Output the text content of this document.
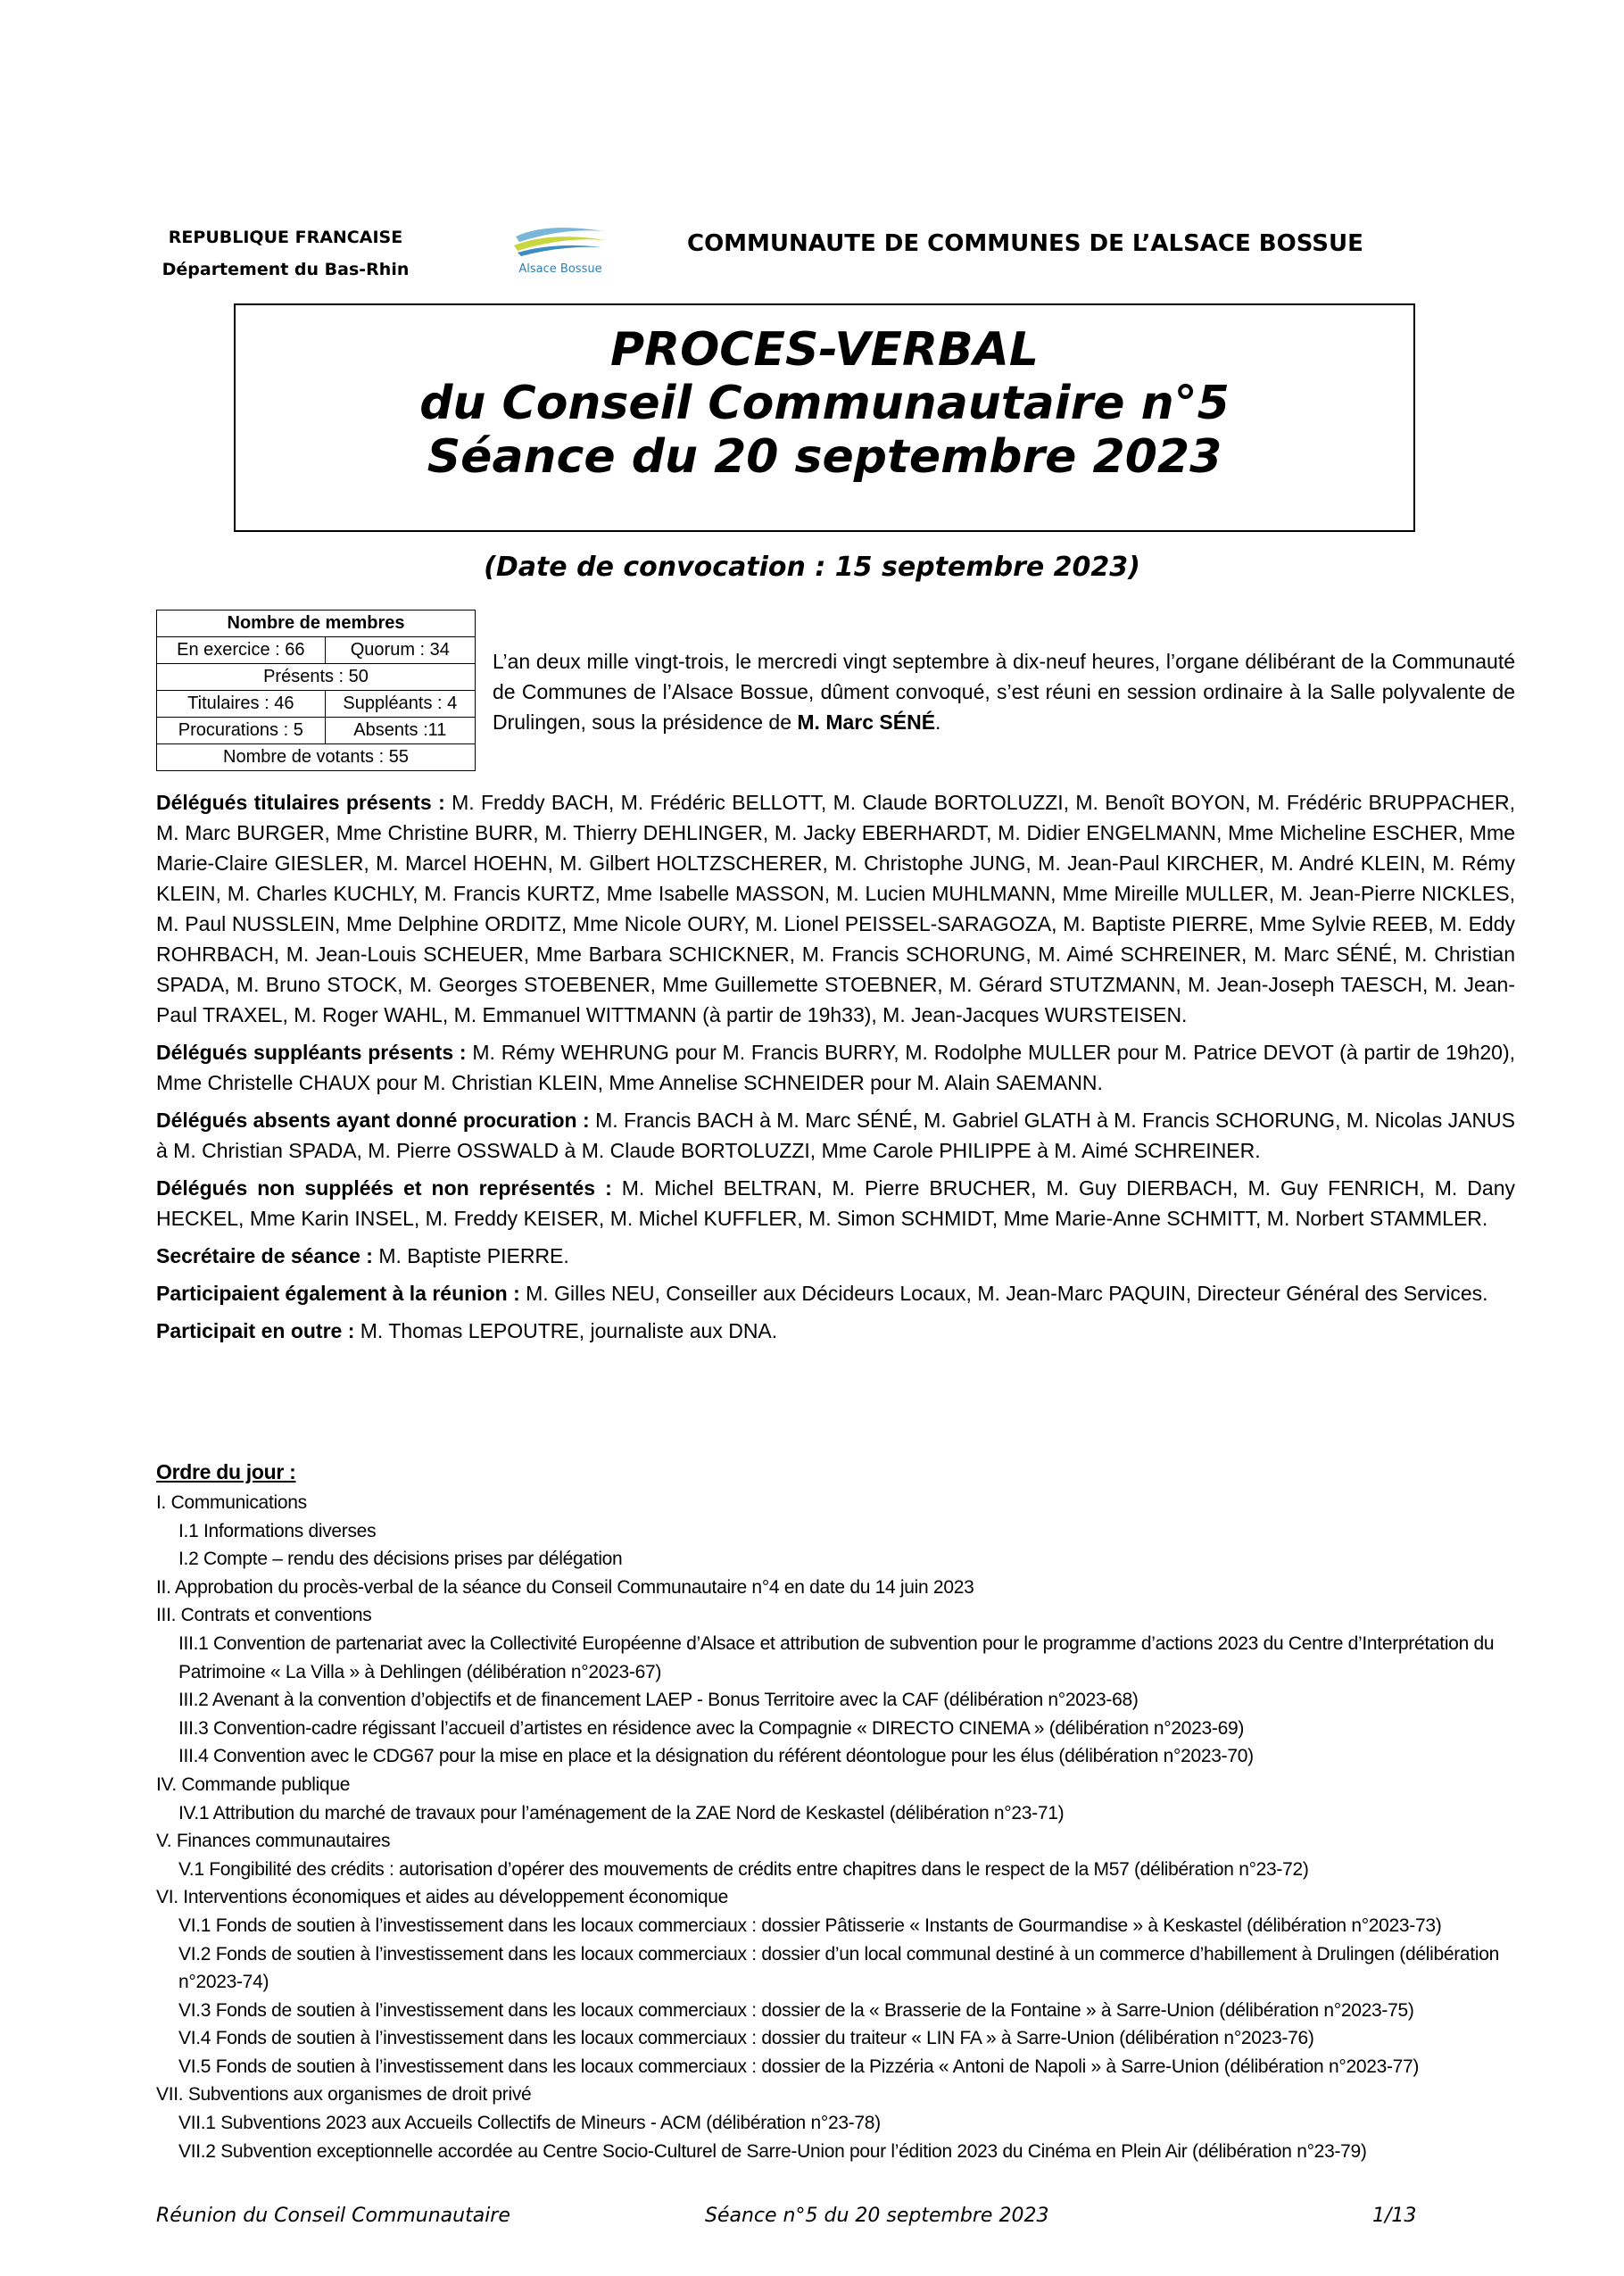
REPUBLIQUE FRANCAISE
Département du Bas-Rhin	Alsace Bossue
COMMUNAUTE DE COMMUNES DE L’ALSACE BOSSUE
PROCES-VERBAL
du Conseil Communautaire n°5
Séance du 20 septembre 2023
(Date de convocation : 15 septembre 2023)
Nombre de membres	
En exercice : 66	Quorum : 34
Présents : 50	
Titulaires : 46	Suppléants : 4
Procurations : 5	Absents :11
Nombre de votants : 55	
L’an deux mille vingt-trois, le mercredi vingt septembre à dix-neuf heures, l’organe délibérant de la Communauté de Communes de l’Alsace Bossue, dûment convoqué, s’est réuni en session ordinaire à la Salle polyvalente de Drulingen, sous la présidence de M. Marc SÉNÉ.

Délégués titulaires présents : M. Freddy BACH, M. Frédéric BELLOTT, M. Claude BORTOLUZZI, M. Benoît BOYON, M. Frédéric BRUPPACHER, M. Marc BURGER, Mme Christine BURR, M. Thierry DEHLINGER, M. Jacky EBERHARDT, M. Didier ENGELMANN, Mme Micheline ESCHER, Mme Marie-Claire GIESLER, M. Marcel HOEHN, M. Gilbert HOLTZSCHERER, M. Christophe JUNG, M. Jean-Paul KIRCHER, M. André KLEIN, M. Rémy KLEIN, M. Charles KUCHLY, M. Francis KURTZ, Mme Isabelle MASSON, M. Lucien MUHLMANN, Mme Mireille MULLER, M. Jean-Pierre NICKLES, M. Paul NUSSLEIN, Mme Delphine ORDITZ, Mme Nicole OURY, M. Lionel PEISSEL-SARAGOZA, M. Baptiste PIERRE, Mme Sylvie REEB, M. Eddy ROHRBACH, M. Jean-Louis SCHEUER, Mme Barbara SCHICKNER, M. Francis SCHORUNG, M. Aimé SCHREINER, M. Marc SÉNÉ, M. Christian SPADA, M. Bruno STOCK, M. Georges STOEBENER, Mme Guillemette STOEBNER, M. Gérard STUTZMANN, M. Jean-Joseph TAESCH, M. Jean-Paul TRAXEL, M. Roger WAHL, M. Emmanuel WITTMANN (à partir de 19h33), M. Jean-Jacques WURSTEISEN.

Délégués suppléants présents : M. Rémy WEHRUNG pour M. Francis BURRY, M. Rodolphe MULLER pour M. Patrice DEVOT (à partir de 19h20), Mme Christelle CHAUX pour M. Christian KLEIN, Mme Annelise SCHNEIDER pour M. Alain SAEMANN.

Délégués absents ayant donné procuration : M. Francis BACH à M. Marc SÉNÉ, M. Gabriel GLATH à M. Francis SCHORUNG, M. Nicolas JANUS à M. Christian SPADA, M. Pierre OSSWALD à M. Claude BORTOLUZZI, Mme Carole PHILIPPE à M. Aimé SCHREINER.

Délégués non suppléés et non représentés : M. Michel BELTRAN, M. Pierre BRUCHER, M. Guy DIERBACH, M. Guy FENRICH, M. Dany HECKEL, Mme Karin INSEL, M. Freddy KEISER, M. Michel KUFFLER, M. Simon SCHMIDT, Mme Marie-Anne SCHMITT, M. Norbert STAMMLER.

Secrétaire de séance : M. Baptiste PIERRE.

Participaient également à la réunion : M. Gilles NEU, Conseiller aux Décideurs Locaux, M. Jean-Marc PAQUIN, Directeur Général des Services.

Participait en outre : M. Thomas LEPOUTRE, journaliste aux DNA.

Ordre du jour :
I. Communications
I.1 Informations diverses
I.2 Compte – rendu des décisions prises par délégation
II. Approbation du procès-verbal de la séance du Conseil Communautaire n°4 en date du 14 juin 2023
III. Contrats et conventions
III.1 Convention de partenariat avec la Collectivité Européenne d’Alsace et attribution de subvention pour le programme d’actions 2023 du Centre d’Interprétation du Patrimoine « La Villa » à Dehlingen (délibération n°2023-67)
III.2 Avenant à la convention d’objectifs et de financement LAEP - Bonus Territoire avec la CAF (délibération n°2023-68)
III.3 Convention-cadre régissant l’accueil d’artistes en résidence avec la Compagnie « DIRECTO CINEMA » (délibération n°2023-69)
III.4 Convention avec le CDG67 pour la mise en place et la désignation du référent déontologue pour les élus (délibération n°2023-70)
IV. Commande publique
IV.1 Attribution du marché de travaux pour l’aménagement de la ZAE Nord de Keskastel (délibération n°23-71)
V. Finances communautaires
V.1 Fongibilité des crédits : autorisation d’opérer des mouvements de crédits entre chapitres dans le respect de la M57 (délibération n°23-72)
VI. Interventions économiques et aides au développement économique
VI.1 Fonds de soutien à l’investissement dans les locaux commerciaux : dossier Pâtisserie « Instants de Gourmandise » à Keskastel (délibération n°2023-73)
VI.2 Fonds de soutien à l’investissement dans les locaux commerciaux : dossier d’un local communal destiné à un commerce d’habillement à Drulingen (délibération n°2023-74)
VI.3 Fonds de soutien à l’investissement dans les locaux commerciaux : dossier de la « Brasserie de la Fontaine » à Sarre-Union (délibération n°2023-75)
VI.4 Fonds de soutien à l’investissement dans les locaux commerciaux : dossier du traiteur « LIN FA » à Sarre-Union (délibération n°2023-76)
VI.5 Fonds de soutien à l’investissement dans les locaux commerciaux : dossier de la Pizzéria « Antoni de Napoli » à Sarre-Union (délibération n°2023-77)
VII. Subventions aux organismes de droit privé
VII.1 Subventions 2023 aux Accueils Collectifs de Mineurs - ACM (délibération n°23-78)
VII.2 Subvention exceptionnelle accordée au Centre Socio-Culturel de Sarre-Union pour l’édition 2023 du Cinéma en Plein Air (délibération n°23-79)
Réunion du Conseil Communautaire	Séance n°5 du 20 septembre 2023	1/13
